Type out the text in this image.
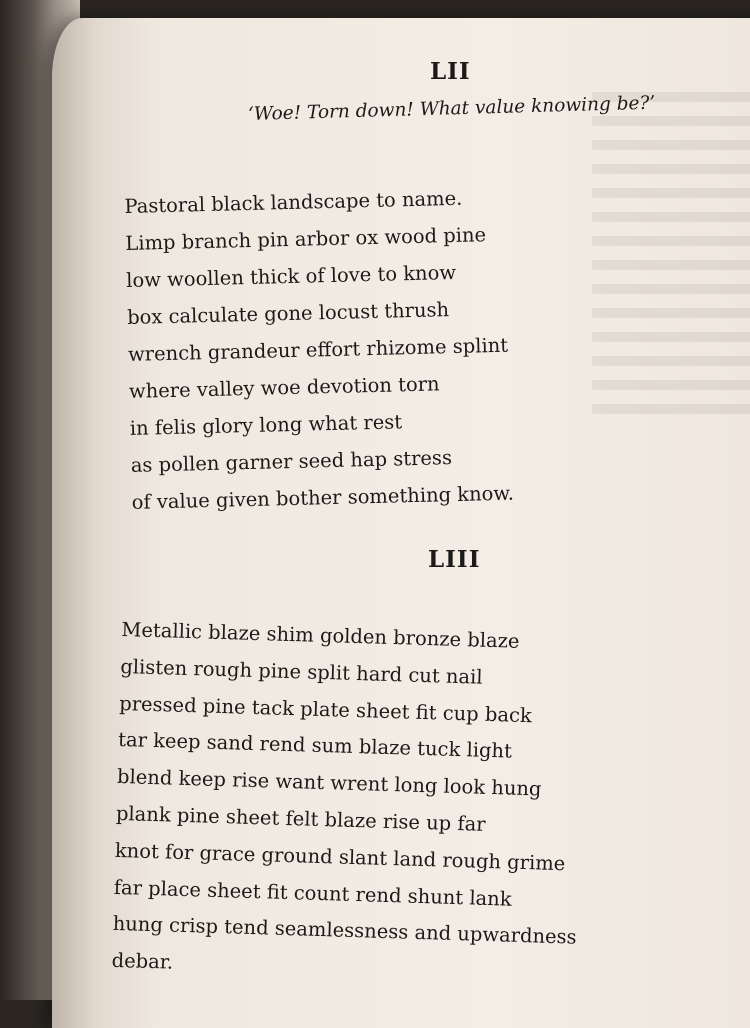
LII
‘Woe! Torn down! What value knowing be?’
Pastoral black landscape to name.
Limp branch pin arbor ox wood pine
low woollen thick of love to know
box calculate gone locust thrush
wrench grandeur effort rhizome splint
where valley woe devotion torn
in felis glory long what rest
as pollen garner seed hap stress
of value given bother something know.
LIII
Metallic blaze shim golden bronze blaze
glisten rough pine split hard cut nail
pressed pine tack plate sheet fit cup back
tar keep sand rend sum blaze tuck light
blend keep rise want wrent long look hung
plank pine sheet felt blaze rise up far
knot for grace ground slant land rough grime
far place sheet fit count rend shunt lank
hung crisp tend seamlessness and upwardness
debar.
